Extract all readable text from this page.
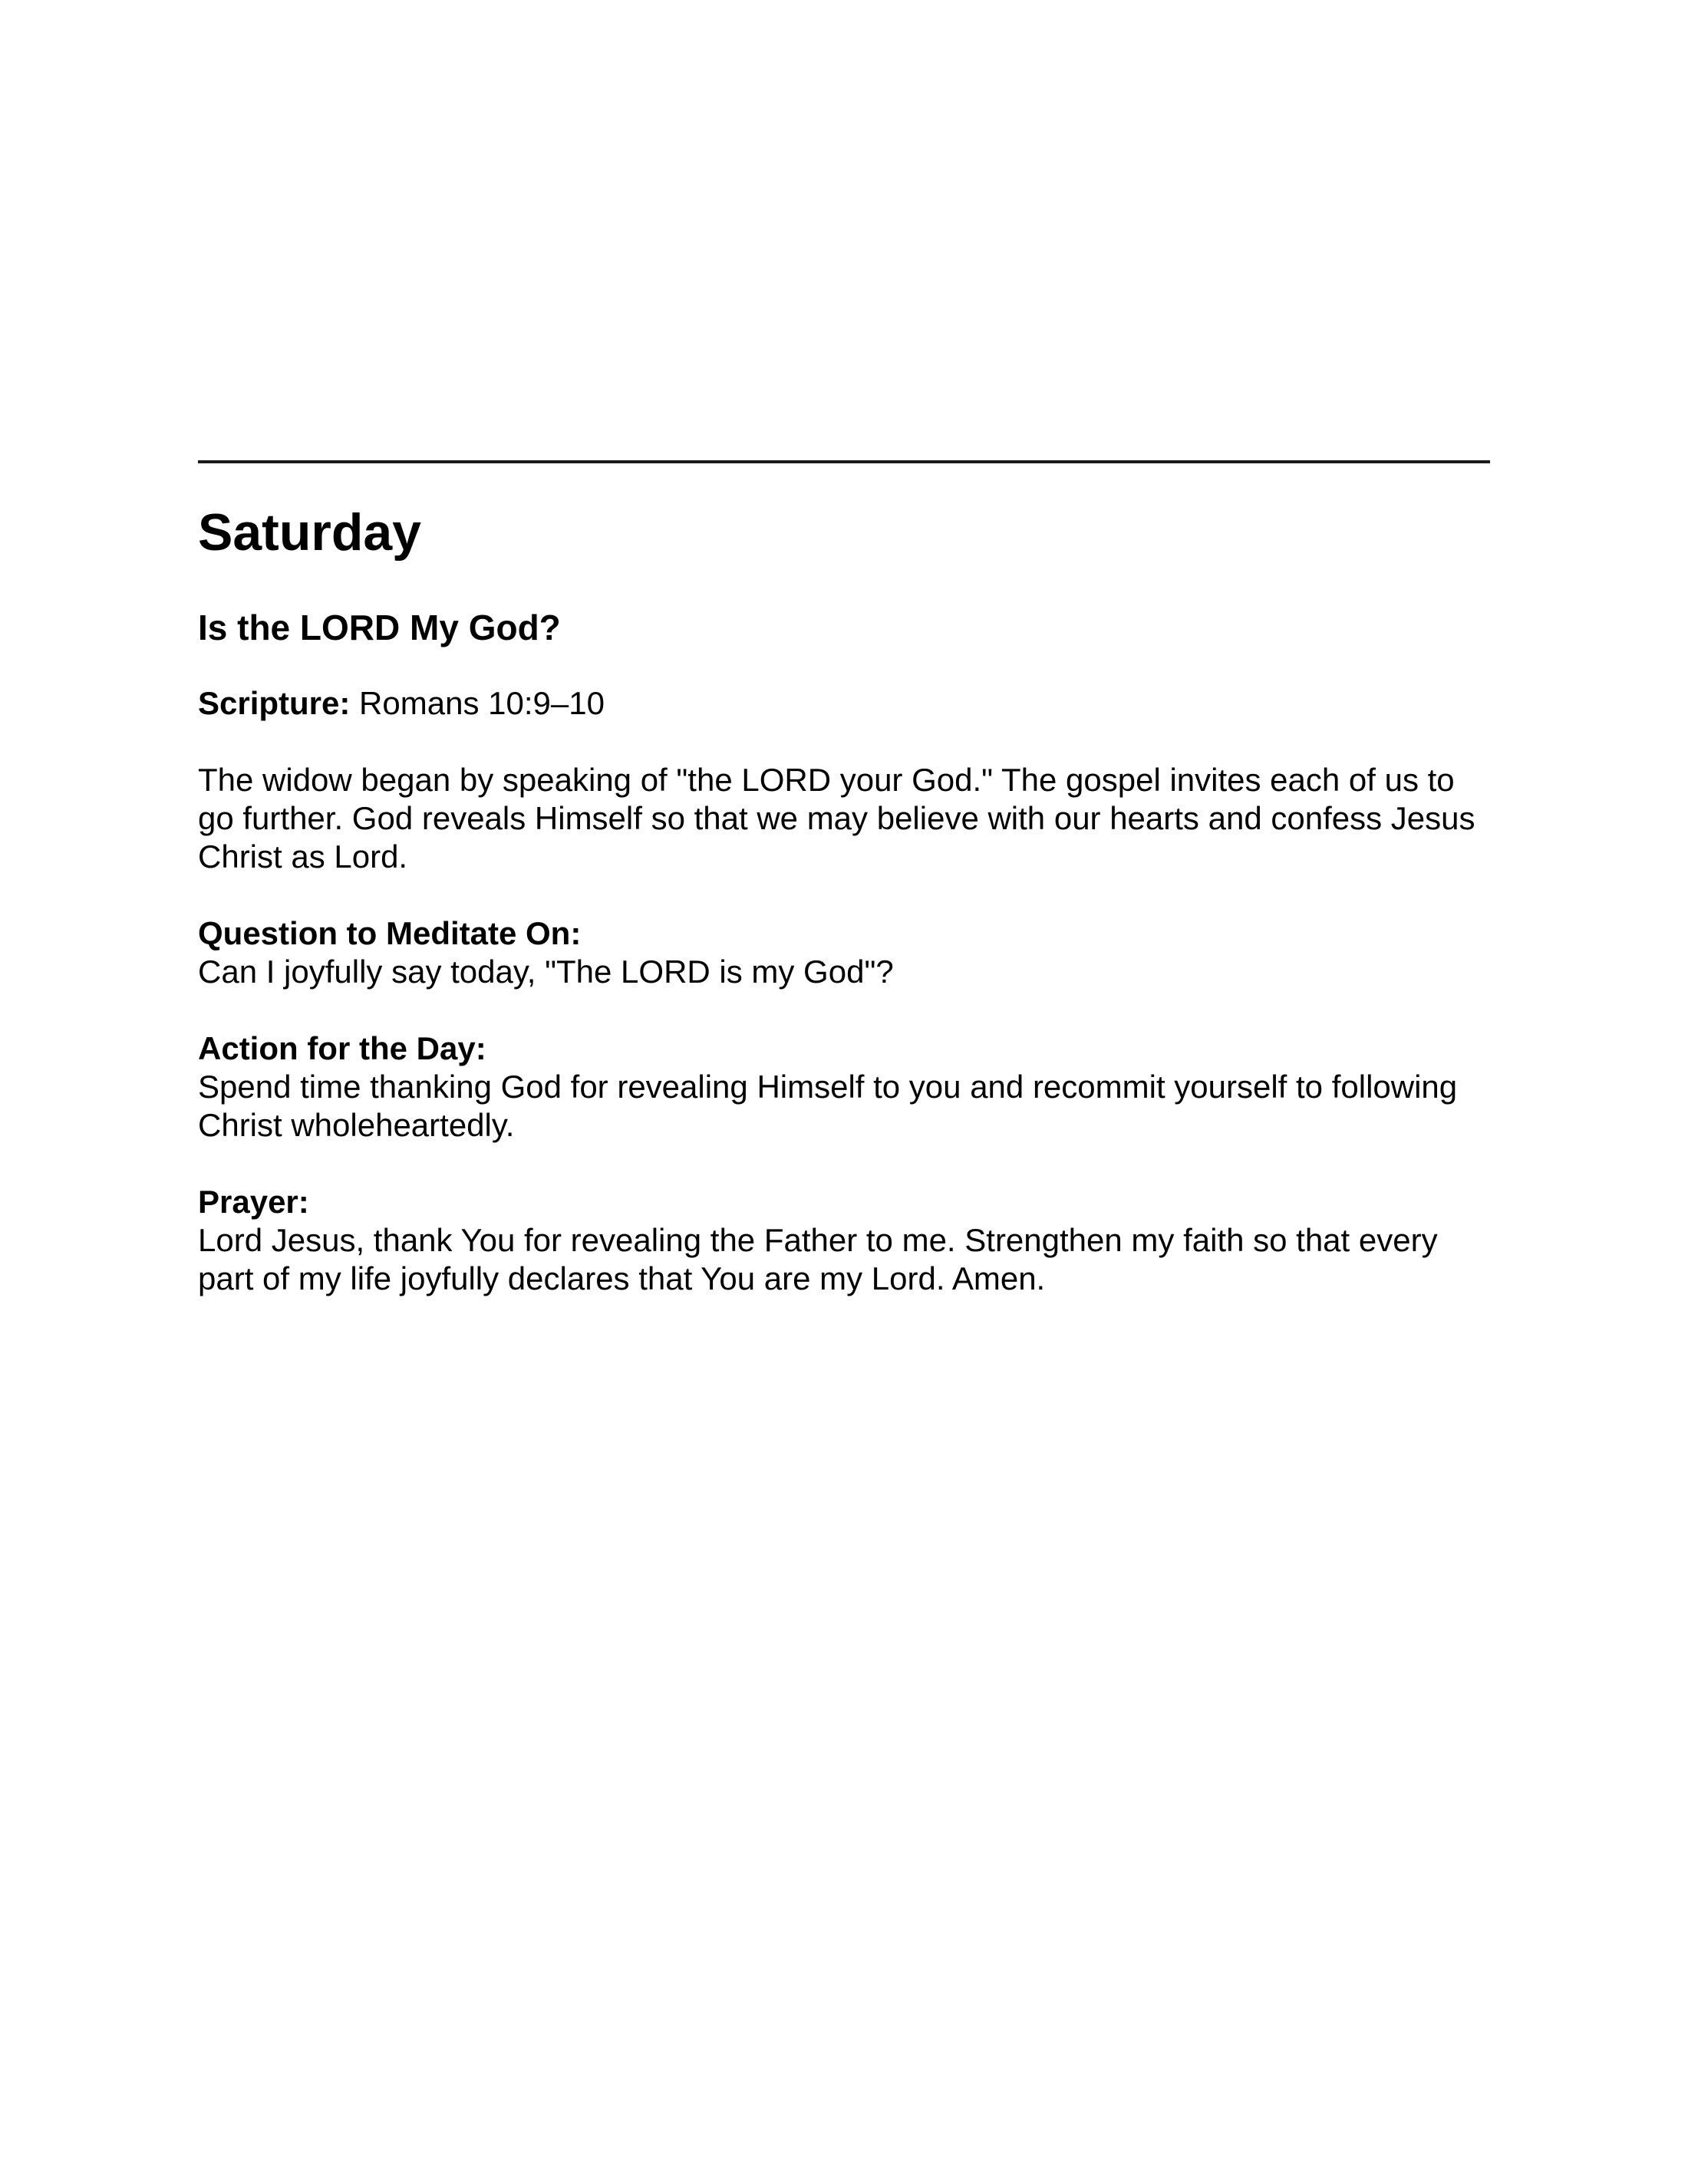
Saturday
Is the LORD My God?

Scripture: Romans 10:9–10

The widow began by speaking of "the LORD your God." The gospel invites each of us to go further. God reveals Himself so that we may believe with our hearts and confess Jesus Christ as Lord.

Question to Meditate On:

Can I joyfully say today, "The LORD is my God"?

Action for the Day:

Spend time thanking God for revealing Himself to you and recommit yourself to following Christ wholeheartedly.

Prayer:

Lord Jesus, thank You for revealing the Father to me. Strengthen my faith so that every part of my life joyfully declares that You are my Lord. Amen.
